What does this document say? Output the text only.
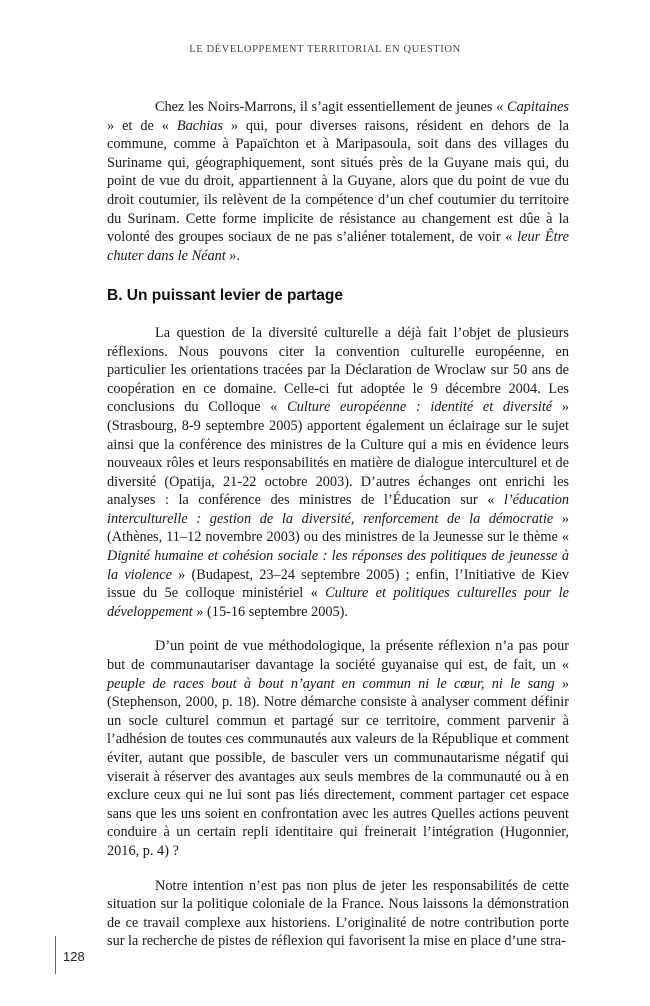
LE DÉVELOPPEMENT TERRITORIAL EN QUESTION

Chez les Noirs-Marrons, il s’agit essentiellement de jeunes « Capitaines » et de « Bachias » qui, pour diverses raisons, résident en dehors de la commune, comme à Papaïchton et à Maripasoula, soit dans des villages du Suriname qui, géographiquement, sont situés près de la Guyane mais qui, du point de vue du droit, appartiennent à la Guyane, alors que du point de vue du droit coutumier, ils relèvent de la compétence d’un chef coutumier du territoire du Surinam. Cette forme implicite de résistance au changement est dûe à la volonté des groupes sociaux de ne pas s’aliéner totalement, de voir « leur Être chuter dans le Néant ».

B. Un puissant levier de partage

La question de la diversité culturelle a déjà fait l’objet de plusieurs réflexions. Nous pouvons citer la convention culturelle européenne, en particulier les orientations tracées par la Déclaration de Wroclaw sur 50 ans de coopération en ce domaine. Celle-ci fut adoptée le 9 décembre 2004. Les conclusions du Colloque « Culture européenne : identité et diversité » (Strasbourg, 8-9 septembre 2005) apportent également un éclairage sur le sujet ainsi que la conférence des ministres de la Culture qui a mis en évidence leurs nouveaux rôles et leurs responsabilités en matière de dialogue interculturel et de diversité (Opatija, 21-22 octobre 2003). D’autres échanges ont enrichi les analyses : la conférence des ministres de l’Éducation sur « l’éducation interculturelle : gestion de la diversité, renforcement de la démocratie » (Athènes, 11–12 novembre 2003) ou des ministres de la Jeunesse sur le thème « Dignité humaine et cohésion sociale : les réponses des politiques de jeunesse à la violence » (Budapest, 23–24 septembre 2005) ; enfin, l’Initiative de Kiev issue du 5e colloque ministériel « Culture et politiques culturelles pour le développement » (15-16 septembre 2005).

D’un point de vue méthodologique, la présente réflexion n’a pas pour but de communautariser davantage la société guyanaise qui est, de fait, un « peuple de races bout à bout n’ayant en commun ni le cœur, ni le sang » (Stephenson, 2000, p. 18). Notre démarche consiste à analyser comment définir un socle culturel commun et partagé sur ce territoire, comment parvenir à l’adhésion de toutes ces communautés aux valeurs de la République et comment éviter, autant que possible, de basculer vers un communautarisme négatif qui viserait à réserver des avantages aux seuls membres de la communauté ou à en exclure ceux qui ne lui sont pas liés directement, comment partager cet espace sans que les uns soient en confrontation avec les autres Quelles actions peuvent conduire à un certain repli identitaire qui freinerait l’intégration (Hugonnier, 2016, p. 4) ?

Notre intention n’est pas non plus de jeter les responsabilités de cette situation sur la politique coloniale de la France. Nous laissons la démonstration de ce travail complexe aux historiens. L’originalité de notre contribution porte sur la recherche de pistes de réflexion qui favorisent la mise en place d’une stra-

128
